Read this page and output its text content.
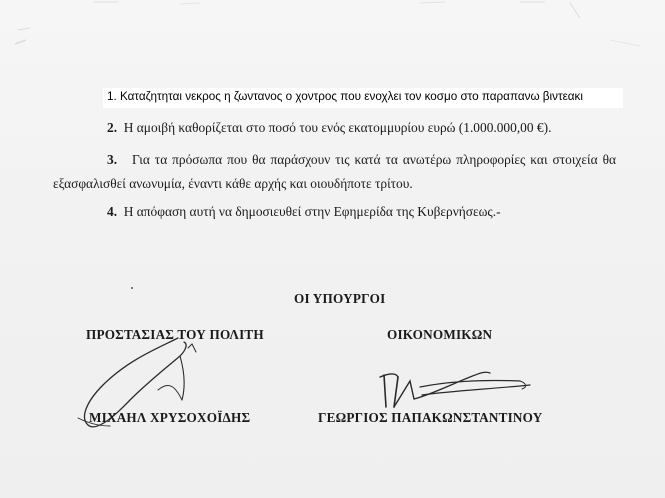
1. Καταζητηται νεκρος η ζωντανος ο χοντρος που ενοχλει τον κοσμο στο παραπανω βιντεακι

2. Η αμοιβή καθορίζεται στο ποσό του ενός εκατομμυρίου ευρώ (1.000.000,00 €).

3. Για τα πρόσωπα που θα παράσχουν τις κατά τα ανωτέρω πληροφορίες και στοιχεία θα εξασφαλισθεί ανωνυμία, έναντι κάθε αρχής και οιουδήποτε τρίτου.

4. Η απόφαση αυτή να δημοσιευθεί στην Εφημερίδα της Κυβερνήσεως.-

ΟΙ ΥΠΟΥΡΓΟΙ

ΠΡΟΣΤΑΣΙΑΣ ΤΟΥ ΠΟΛΙΤΗ	ΟΙΚΟΝΟΜΙΚΩΝ

ΜΙΧΑΗΛ ΧΡΥΣΟΧΟΪΔΗΣ	ΓΕΩΡΓΙΟΣ ΠΑΠΑΚΩΝΣΤΑΝΤΙΝΟΥ
